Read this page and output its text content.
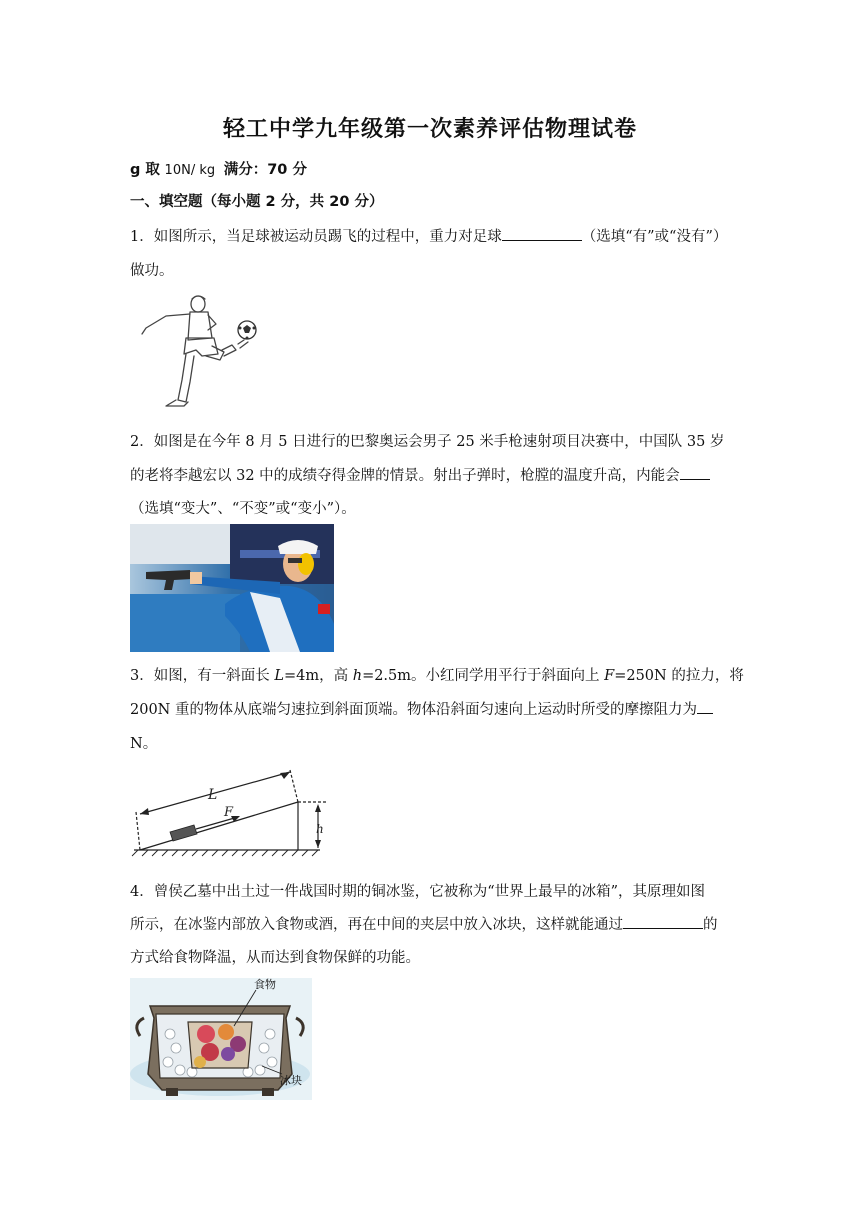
轻工中学九年级第一次素养评估物理试卷
g 取 10N/ kg 满分：70 分
一、填空题（每小题 2 分，共 20 分）
1．如图所示，当足球被运动员踢飞的过程中，重力对足球	（选填“有”或“没有”）
做功。
2．如图是在今年 8 月 5 日进行的巴黎奥运会男子 25 米手枪速射项目决赛中，中国队 35 岁
的老将李越宏以 32 中的成绩夺得金牌的情景。射出子弹时，枪膛的温度升高，内能会
（选填“变大”、“不变”或“变小”）。
3．如图，有一斜面长 L=4m，高 h=2.5m。小红同学用平行于斜面向上 F=250N 的拉力，将
200N 重的物体从底端匀速拉到斜面顶端。物体沿斜面匀速向上运动时所受的摩擦阻力为
N。
L
F
h
4．曾侯乙墓中出土过一件战国时期的铜冰鉴，它被称为“世界上最早的冰箱”，其原理如图
所示，在冰鉴内部放入食物或酒，再在中间的夹层中放入冰块，这样就能通过	的
方式给食物降温，从而达到食物保鲜的功能。
食物
冰块
